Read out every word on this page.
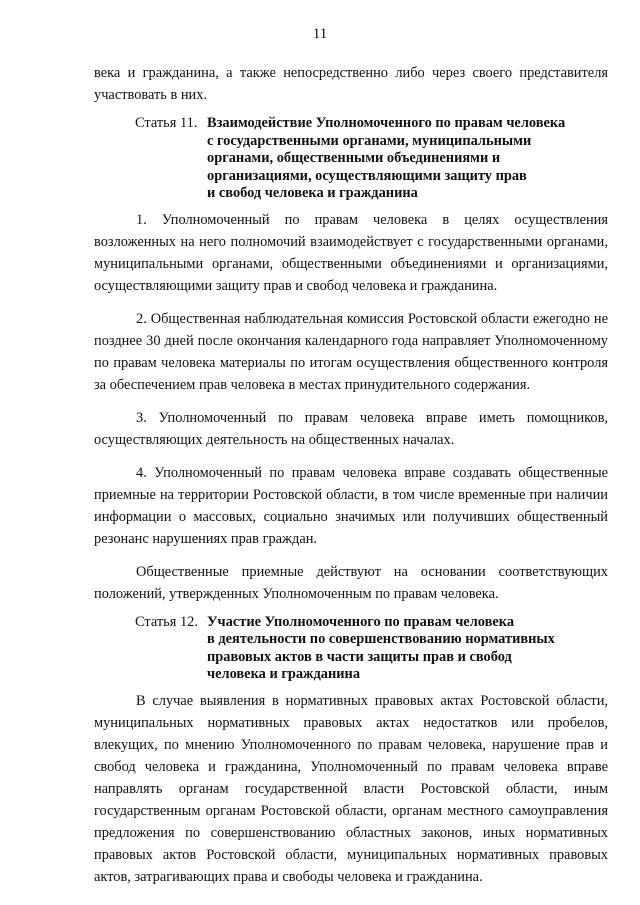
11

века и гражданина, а также непосредственно либо через своего представителя участвовать в них.

Статья 11. Взаимодействие Уполномоченного по правам человека
с государственными органами, муниципальными
органами, общественными объединениями и
организациями, осуществляющими защиту прав
и свобод человека и гражданина

1. Уполномоченный по правам человека в целях осуществления возложенных на него полномочий взаимодействует с государственными органами, муниципальными органами, общественными объединениями и организациями, осуществляющими защиту прав и свобод человека и гражданина.

2. Общественная наблюдательная комиссия Ростовской области ежегодно не позднее 30 дней после окончания календарного года направляет Уполномоченному по правам человека материалы по итогам осуществления общественного контроля за обеспечением прав человека в местах принудительного содержания.

3. Уполномоченный по правам человека вправе иметь помощников, осуществляющих деятельность на общественных началах.

4. Уполномоченный по правам человека вправе создавать общественные приемные на территории Ростовской области, в том числе временные при наличии информации о массовых, социально значимых или получивших общественный резонанс нарушениях прав граждан.

Общественные приемные действуют на основании соответствующих положений, утвержденных Уполномоченным по правам человека.

Статья 12. Участие Уполномоченного по правам человека
в деятельности по совершенствованию нормативных
правовых актов в части защиты прав и свобод
человека и гражданина

В случае выявления в нормативных правовых актах Ростовской области, муниципальных нормативных правовых актах недостатков или пробелов, влекущих, по мнению Уполномоченного по правам человека, нарушение прав и свобод человека и гражданина, Уполномоченный по правам человека вправе направлять органам государственной власти Ростовской области, иным государственным органам Ростовской области, органам местного самоуправления предложения по совершенствованию областных законов, иных нормативных правовых актов Ростовской области, муниципальных нормативных правовых актов, затрагивающих права и свободы человека и гражданина.
